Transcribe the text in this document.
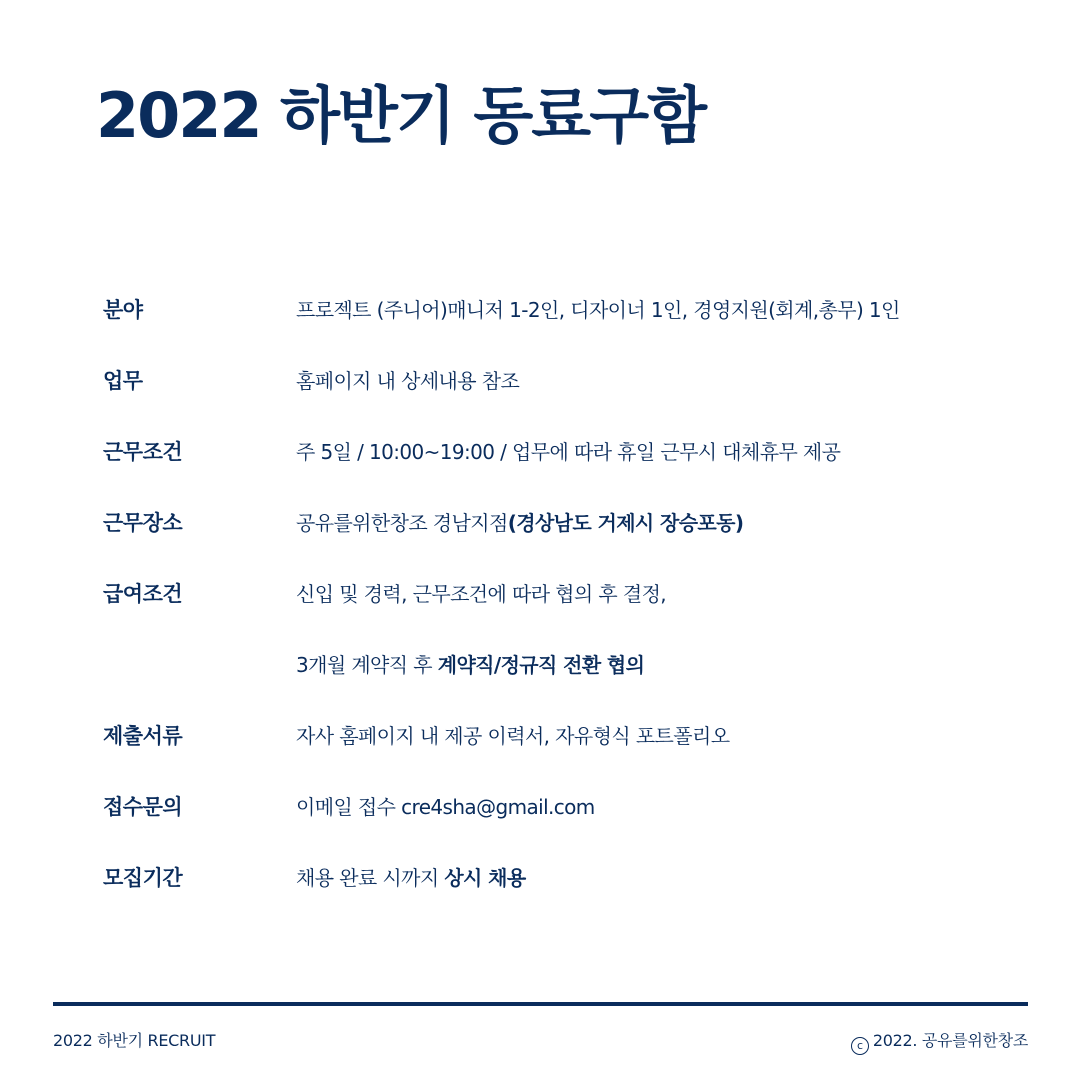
2022 하반기 동료구함
분야	프로젝트 (주니어)매니저 1-2인, 디자이너 1인, 경영지원(회계,총무) 1인
업무	홈페이지 내 상세내용 참조
근무조건	주 5일 / 10:00~19:00 / 업무에 따라 휴일 근무시 대체휴무 제공
근무장소	공유를위한창조 경남지점(경상남도 거제시 장승포동)
급여조건	신입 및 경력, 근무조건에 따라 협의 후 결정,
3개월 계약직 후 계약직/정규직 전환 협의
제출서류	자사 홈페이지 내 제공 이력서, 자유형식 포트폴리오
접수문의	이메일 접수 cre4sha@gmail.com
모집기간	채용 완료 시까지 상시 채용
2022 하반기 RECRUIT	c 2022. 공유를위한창조
